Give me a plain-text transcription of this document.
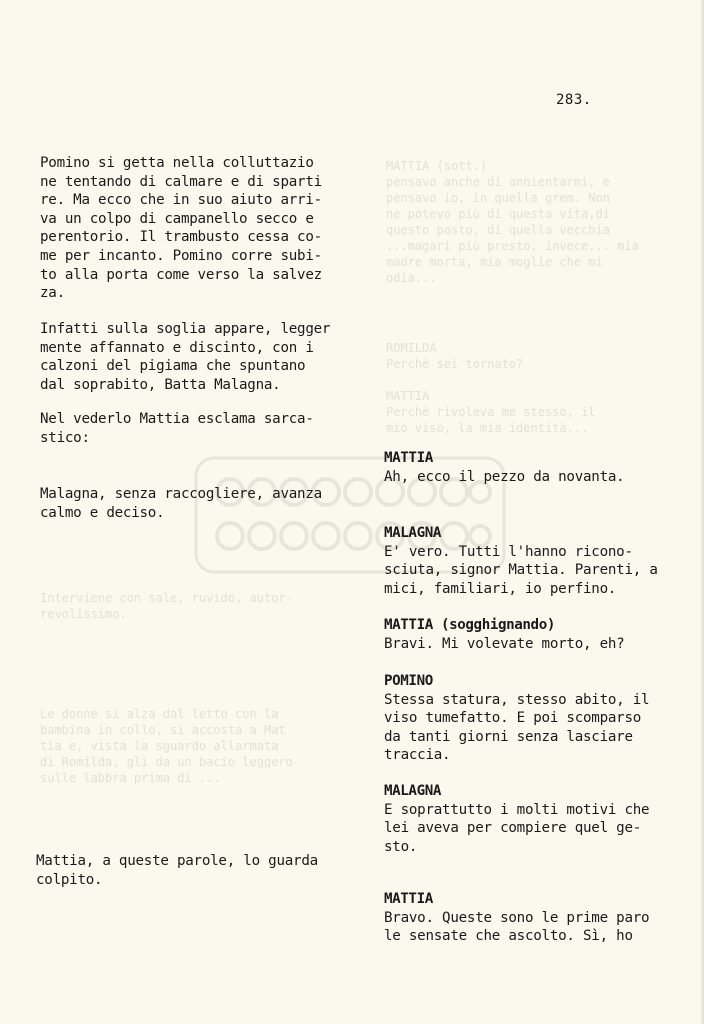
MATTIA (sott.)
pensavo anche di annientarmi, e
pensavo io, in quella grem. Non
ne potevo più di questa vita,di
questo posto, di quella vecchia
...magari più presto, invece... mia
madre morta, mia moglie che mi
odia...
ROMILDA
Perché sei tornato?

MATTIA
Perché rivoleva me stesso, il
mio viso, la mia identità...
Interviene con sale, ruvido, autor-
revolissimo.
Le donne si alza dal letto con la
bambina in collo, si accosta a Mat
tia e, vista la sguardo allarmata
di Romilda, gli da un bacio leggero
sulle labbra prima di ...
283.

Pomino si getta nella colluttazio
ne tentando di calmare e di sparti
re. Ma ecco che in suo aiuto arri-
va un colpo di campanello secco e
perentorio. Il trambusto cessa co-
me per incanto. Pomino corre subi-
to alla porta come verso la salvez
za.

Infatti sulla soglia appare, legger
mente affannato e discinto, con i
calzoni del pigiama che spuntano
dal soprabito, Batta Malagna.

Nel vederlo Mattia esclama sarca-
stico:

Malagna, senza raccogliere, avanza
calmo e deciso.

Mattia, a queste parole, lo guarda
colpito.

MATTIA
Ah, ecco il pezzo da novanta.

MALAGNA
E' vero. Tutti l'hanno ricono-
sciuta, signor Mattia. Parenti, a
mici, familiari, io perfino.

MATTIA (sogghignando)
Bravi. Mi volevate morto, eh?

POMINO
Stessa statura, stesso abito, il
viso tumefatto. E poi scomparso
da tanti giorni senza lasciare
traccia.

MALAGNA
E soprattutto i molti motivi che
lei aveva per compiere quel ge-
sto.

MATTIA
Bravo. Queste sono le prime paro
le sensate che ascolto. Sì, ho
